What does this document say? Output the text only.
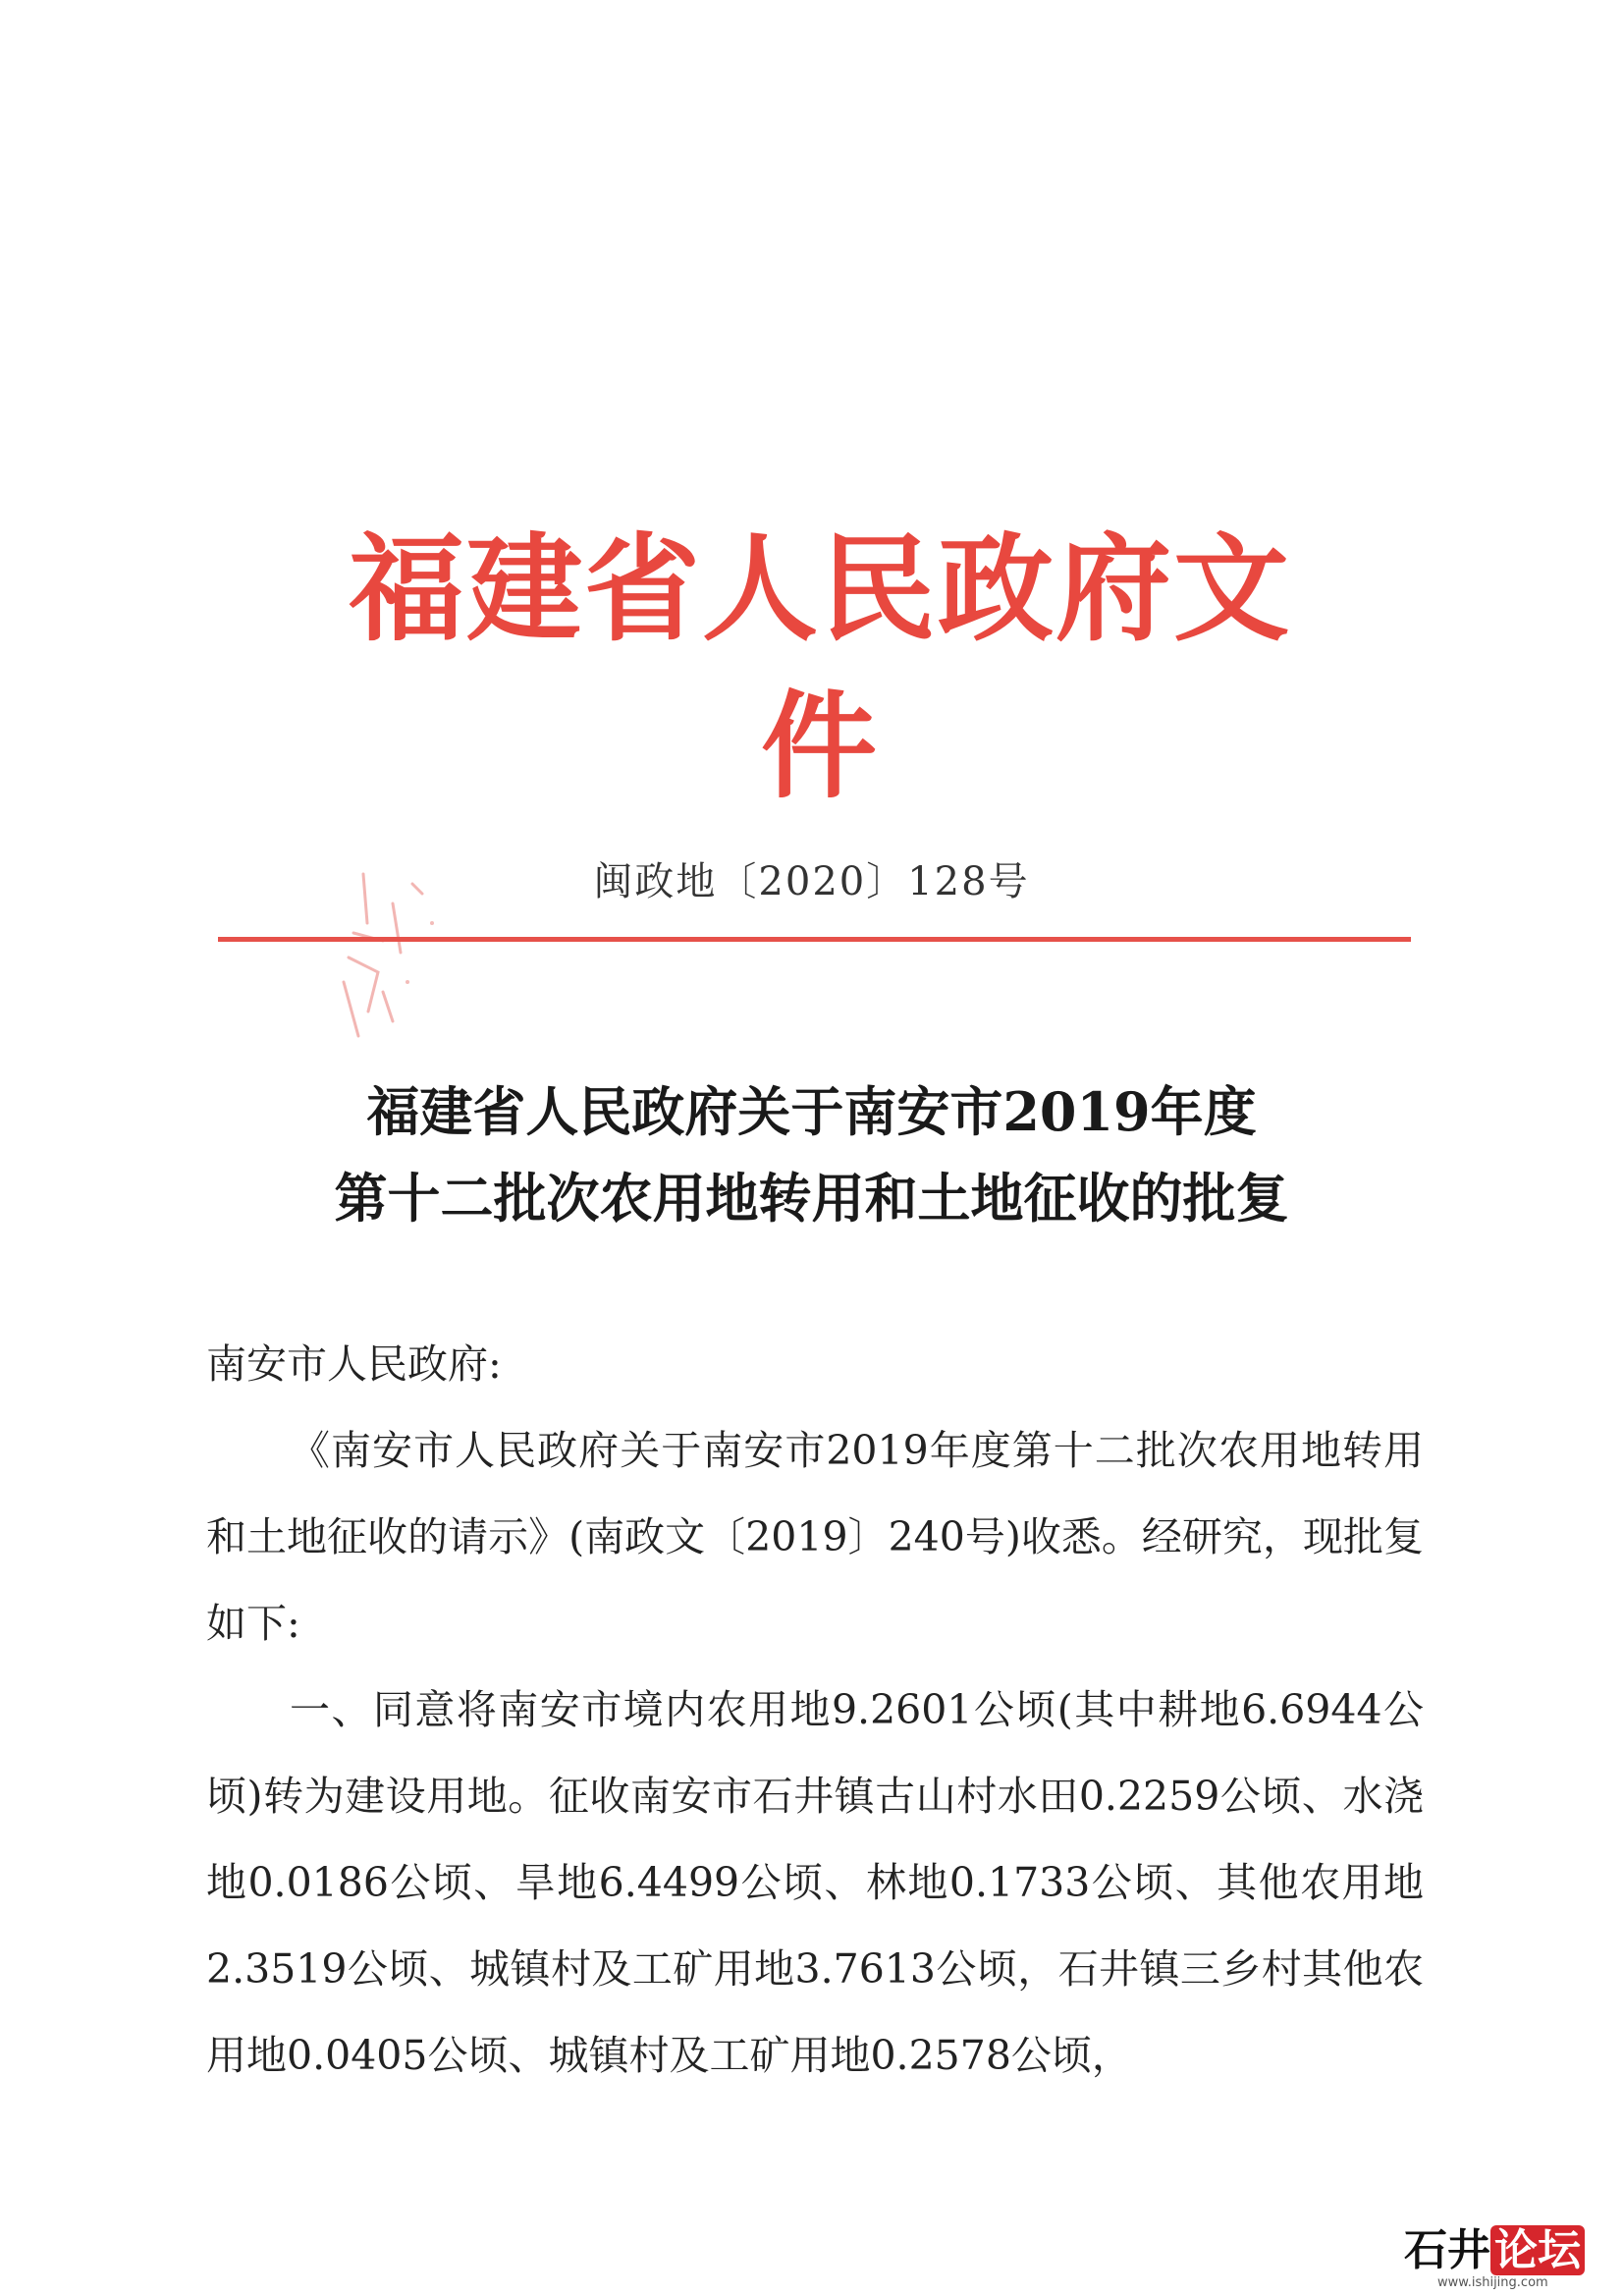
福建省人民政府文件
闽政地〔2020〕128号
福建省人民政府关于南安市2019年度
第十二批次农用地转用和土地征收的批复

南安市人民政府:

《南安市人民政府关于南安市2019年度第十二批次农用地转用和土地征收的请示》(南政文〔2019〕240号)收悉。经研究，现批复如下:

一、同意将南安市境内农用地9.2601公顷(其中耕地6.6944公顷)转为建设用地。征收南安市石井镇古山村水田0.2259公顷、水浇地0.0186公顷、旱地6.4499公顷、林地0.1733公顷、其他农用地2.3519公顷、城镇村及工矿用地3.7613公顷，石井镇三乡村其他农用地0.0405公顷、城镇村及工矿用地0.2578公顷，

石井论坛
www.ishijing.com
